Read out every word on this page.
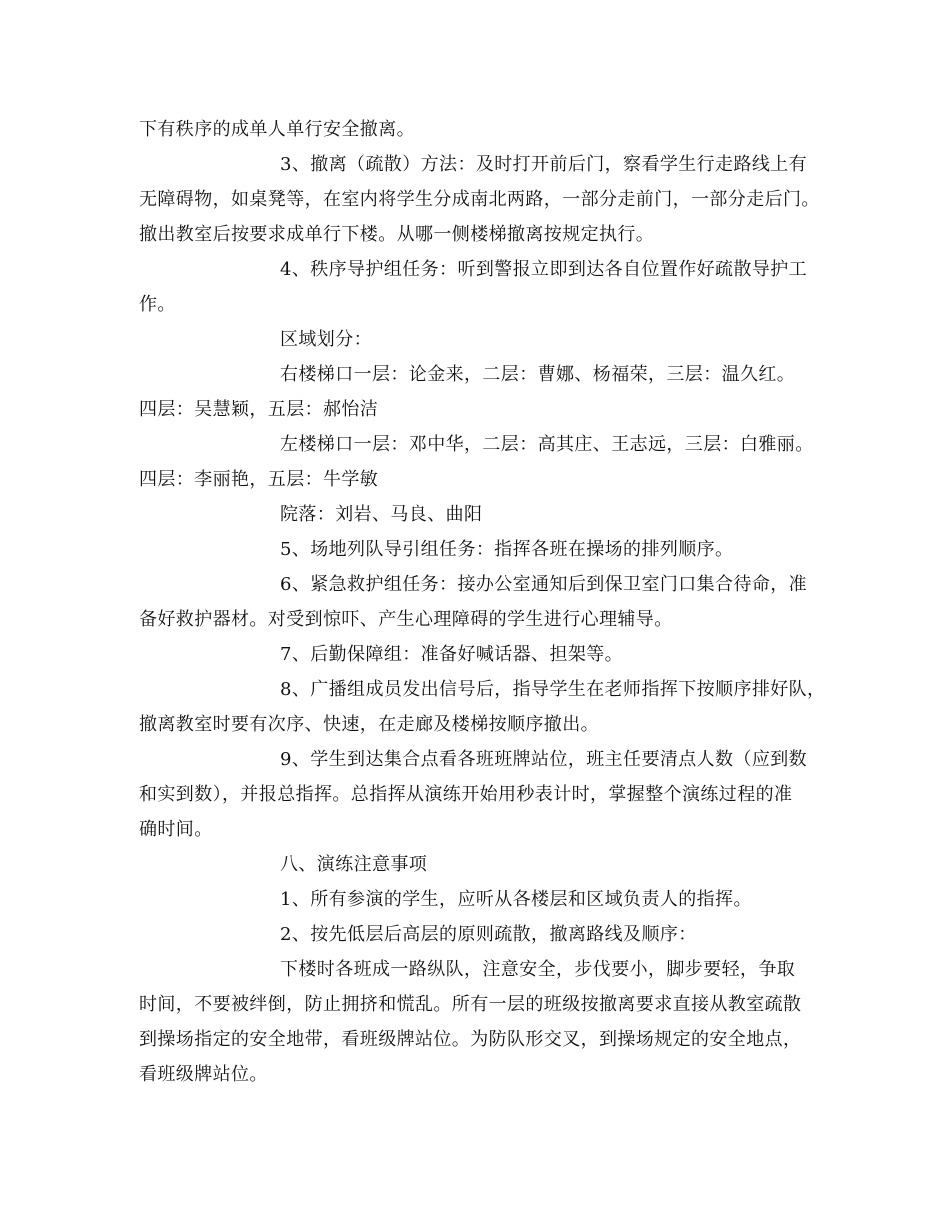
下有秩序的成单人单行安全撤离。
3、撤离（疏散）方法：及时打开前后门，察看学生行走路线上有
无障碍物，如桌凳等，在室内将学生分成南北两路，一部分走前门，一部分走后门。
撤出教室后按要求成单行下楼。从哪一侧楼梯撤离按规定执行。
4、秩序导护组任务：听到警报立即到达各自位置作好疏散导护工
作。
区域划分：
右楼梯口一层：论金来，二层：曹娜、杨福荣，三层：温久红。
四层：吴慧颖，五层：郝怡洁
左楼梯口一层：邓中华，二层：高其庄、王志远，三层：白雅丽。
四层：李丽艳，五层：牛学敏
院落：刘岩、马良、曲阳
5、场地列队导引组任务：指挥各班在操场的排列顺序。
6、紧急救护组任务：接办公室通知后到保卫室门口集合待命，准
备好救护器材。对受到惊吓、产生心理障碍的学生进行心理辅导。
7、后勤保障组：准备好喊话器、担架等。
8、广播组成员发出信号后，指导学生在老师指挥下按顺序排好队，
撤离教室时要有次序、快速，在走廊及楼梯按顺序撤出。
9、学生到达集合点看各班班牌站位，班主任要清点人数（应到数
和实到数），并报总指挥。总指挥从演练开始用秒表计时，掌握整个演练过程的准
确时间。
八、演练注意事项
1、所有参演的学生，应听从各楼层和区域负责人的指挥。
2、按先低层后高层的原则疏散，撤离路线及顺序：
下楼时各班成一路纵队，注意安全，步伐要小，脚步要轻，争取
时间，不要被绊倒，防止拥挤和慌乱。所有一层的班级按撤离要求直接从教室疏散
到操场指定的安全地带，看班级牌站位。为防队形交叉，到操场规定的安全地点，
看班级牌站位。
